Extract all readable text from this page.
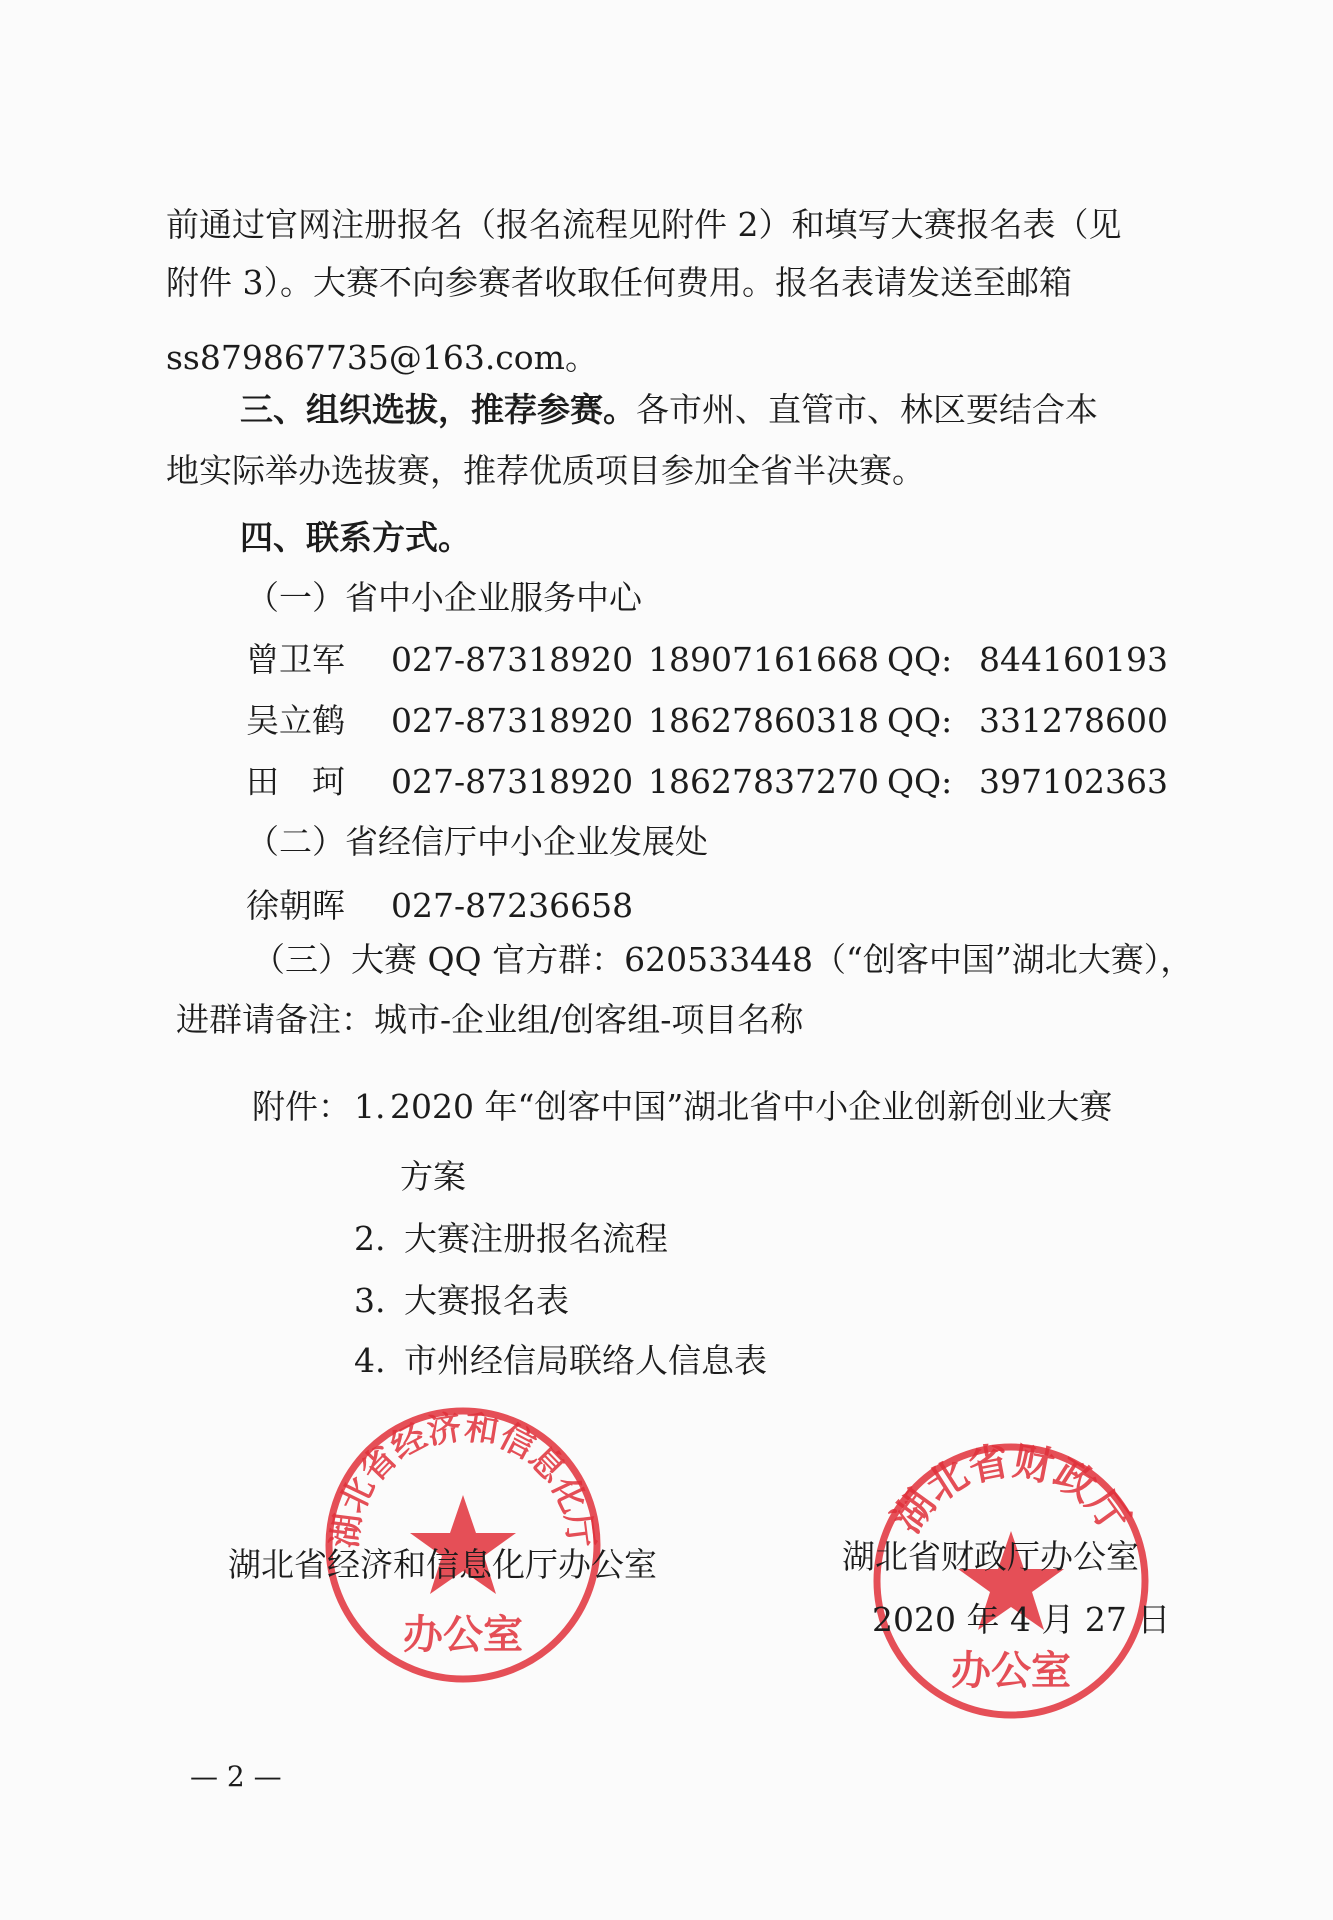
前通过官网注册报名（报名流程见附件 2）和填写大赛报名表（见
附件 3）。大赛不向参赛者收取任何费用。报名表请发送至邮箱
ss879867735@163.com。
三、组织选拔，推荐参赛。各市州、直管市、林区要结合本
地实际举办选拔赛，推荐优质项目参加全省半决赛。
四、联系方式。
（一）省中小企业服务中心
曾卫军 027-87318920 18907161668 QQ: 844160193
吴立鹤 027-87318920 18627860318 QQ: 331278600
田　珂 027-87318920 18627837270 QQ: 397102363
（二）省经信厅中小企业发展处
徐朝晖 027-87236658
（三）大赛 QQ 官方群：620533448（“创客中国”湖北大赛），
进群请备注：城市-企业组/创客组-项目名称
附件： 1. 2020 年“创客中国”湖北省中小企业创新创业大赛
方案
2. 大赛注册报名流程
3. 大赛报名表
4. 市州经信局联络人信息表
湖北省经济和信息化厅
办公室
湖北省财政厅
办公室
湖北省经济和信息化厅办公室	湖北省财政厅办公室
2020 年 4 月 27 日
— 2 —
